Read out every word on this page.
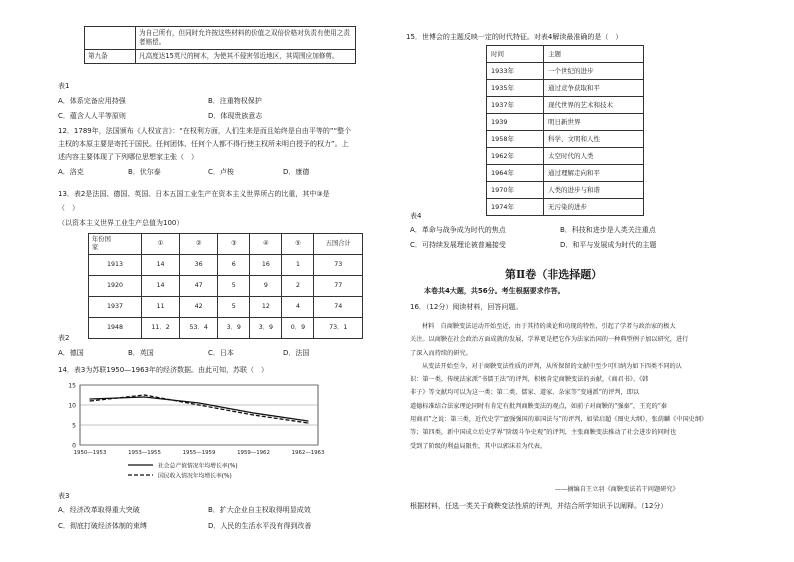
	为自己所有，但同时允许按这些材料的价值之双倍价格对负责有使用之责者赔偿。
第九条	凡高度达15英尺的树木，为使其不侵害邻近地区，其周围应加修剪。
表1
A．体系完备应用持强	B．注重物权保护
C．蕴含人人平等原则	D．体现贵族意志
12．1789年，法国颁布《人权宣言》：“在权利方面，人们生来是而且始终是自由平等的”“整个
主权的本原主要是寄托于国民。任何团体、任何个人都不得行使主权所未明白授予的权力”。上
述内容主要体现了下列哪位思想家主张（　）
A．洛克	B．伏尔泰	C．卢梭	D．康德
13．表2是法国、德国、英国、日本五国工业生产在资本主义世界所占的比重，其中③是
（　）
（以资本主义世界工业生产总值为100）
年份国
家	①	②	③	④	⑤	五国合计
1913	14	36	6	16	1	73
1920	14	47	5	9	2	77
1937	11	42	5	12	4	74
1948	11．2	53．4	3．9	3．9	0．9	73．1
表2
A．德国	B．英国	C．日本	D．法国
14．表3为苏联1950—1963年的经济数据。由此可知，苏联（　）
0
5
10
15
1950—1953	1953—1955	1955—1959	1959—1962	1962—1963
社会总产值情况年均增长率(%)
国民收入情况年均增长率(%)
表3
A．经济改革取得重大突破	B．扩大企业自主权取得明显成效
C．彻底打破经济体制的束缚	D．人民的生活水平没有得到改善
15．世博会的主题反映一定的时代特征。对表4解读最准确的是（　）
时间	主题
1933年	一个世纪的进步
1935年	通过竞争获取和平
1937年	现代世界的艺术和技术
1939	明日新世界
1958年	科学、文明和人性
1962年	太空时代的人类
1964年	通过理解走向和平
1970年	人类的进步与和谐
1974年	无污染的进步
表4
A．革命与战争成为时代的焦点	B．科技和进步是人类关注重点
C．可持续发展理论被普遍接受	D．和平与发展成为时代的主题
第Ⅱ卷（非选择题）
本卷共4大题，共56分。考生根据要求作答。
16．（12分）阅读材料，回答问题。
材料　自商鞅变法运动开始至近，由于其持的谈论和功现的特性，引起了学者与政治家的极大
关注。以商鞅在社会政治方面成就的发展，学界更是把它作为法家治国的一种典型例子加以研究，进行
了深入而持续的研究。
从变法开始至今，对于商鞅变法性质的评判，从所保留的文献中至少可归纳为如下四类不同的认
识：第一类，传统法家派“书儒王法”的评判，积极肯定商鞅变法的贡献，《商君书》、《韩
非子》等文献均可以为这一类；第二类，儒家、道家、杂家等“变通派”的评判，即以
道德标准结合法家理论同时有肯定有批判商鞅变法的观点，如前子对商鞅的“强秦”，王充的“秦
用商君”之说：第三类，近代史学“富强强国的革国法与”的评判，如梁启超《图史大纲》、张荫麟《中国史纲》
等；第四类，新中国成立后史学界“阶级斗争史观”的评判，主张商鞅变法推动了社会进步的同时也
受到了阶级的利益局限性，其中以郭沫若为代表。
——摘编自王立羽《商鞅变法若干问题研究》
根据材料，任选一类关于商鞅变法性质的评判，并结合所学知识予以阐释。（12分）
